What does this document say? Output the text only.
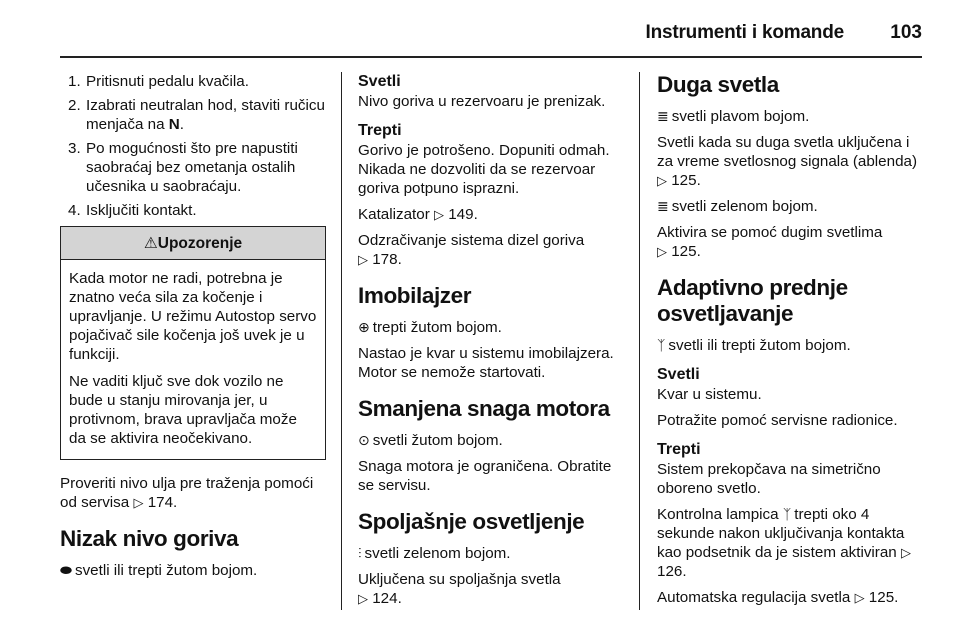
Instrumenti i komande 103
1. Pritisnuti pedalu kvačila.
2. Izabrati neutralan hod, staviti ručicu menjača na N.
3. Po mogućnosti što pre napustiti saobraćaj bez ometanja ostalih učesnika u saobraćaju.
4. Isključiti kontakt.
⚠Upozorenje

Kada motor ne radi, potrebna je znatno veća sila za kočenje i upravljanje. U režimu Autostop servo pojačivač sile kočenja još uvek je u funkciji.

Ne vaditi ključ sve dok vozilo ne bude u stanju mirovanja jer, u protivnom, brava upravljača može da se aktivira neočekivano.

Proveriti nivo ulja pre traženja pomoći od servisa ▷ 174.

Nizak nivo goriva

⬬ svetli ili trepti žutom bojom.

Svetli

Nivo goriva u rezervoaru je prenizak.

Trepti

Gorivo je potrošeno. Dopuniti odmah. Nikada ne dozvoliti da se rezervoar goriva potpuno isprazni.

Katalizator ▷ 149.

Odzračivanje sistema dizel goriva
▷ 178.

Imobilajzer

⊕ trepti žutom bojom.

Nastao je kvar u sistemu imobilajzera. Motor se nemože startovati.

Smanjena snaga motora

⊙ svetli žutom bojom.

Snaga motora je ograničena. Obratite se servisu.

Spoljašnje osvetljenje

⫶ svetli zelenom bojom.

Uključena su spoljašnja svetla
▷ 124.

Duga svetla

≣ svetli plavom bojom.

Svetli kada su duga svetla uključena i za vreme svetlosnog signala (ablenda) ▷ 125.

≣ svetli zelenom bojom.

Aktivira se pomoć dugim svetlima
▷ 125.

Adaptivno prednje osvetljavanje

ᛉ svetli ili trepti žutom bojom.

Svetli

Kvar u sistemu.

Potražite pomoć servisne radionice.

Trepti

Sistem prekopčava na simetrično oboreno svetlo.

Kontrolna lampica ᛉ trepti oko 4 sekunde nakon uključivanja kontakta kao podsetnik da je sistem aktiviran ▷ 126.

Automatska regulacija svetla ▷ 125.
